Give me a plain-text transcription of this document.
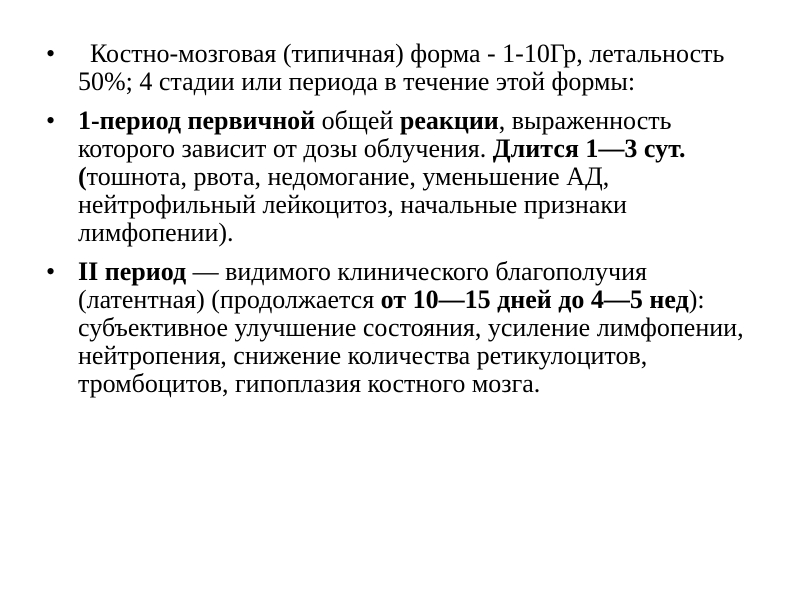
• Костно-мозговая (типичная) форма - 1-10Гр, летальность 50%; 4 стадии или периода в течение этой формы:
• 1-период первичной общей реакции, выраженность которого зависит от дозы облучения. Длится 1—3 сут. (тошнота, рвота, недомогание, уменьшение АД, нейтрофильный лейкоцитоз, начальные признаки лимфопении).
• II период — видимого клинического благополучия (латентная) (продолжается от 10—15 дней до 4—5 нед): субъективное улучшение состояния, усиление лимфопении, нейтропения, снижение количества ретикулоцитов, тромбоцитов, гипоплазия костного мозга.
